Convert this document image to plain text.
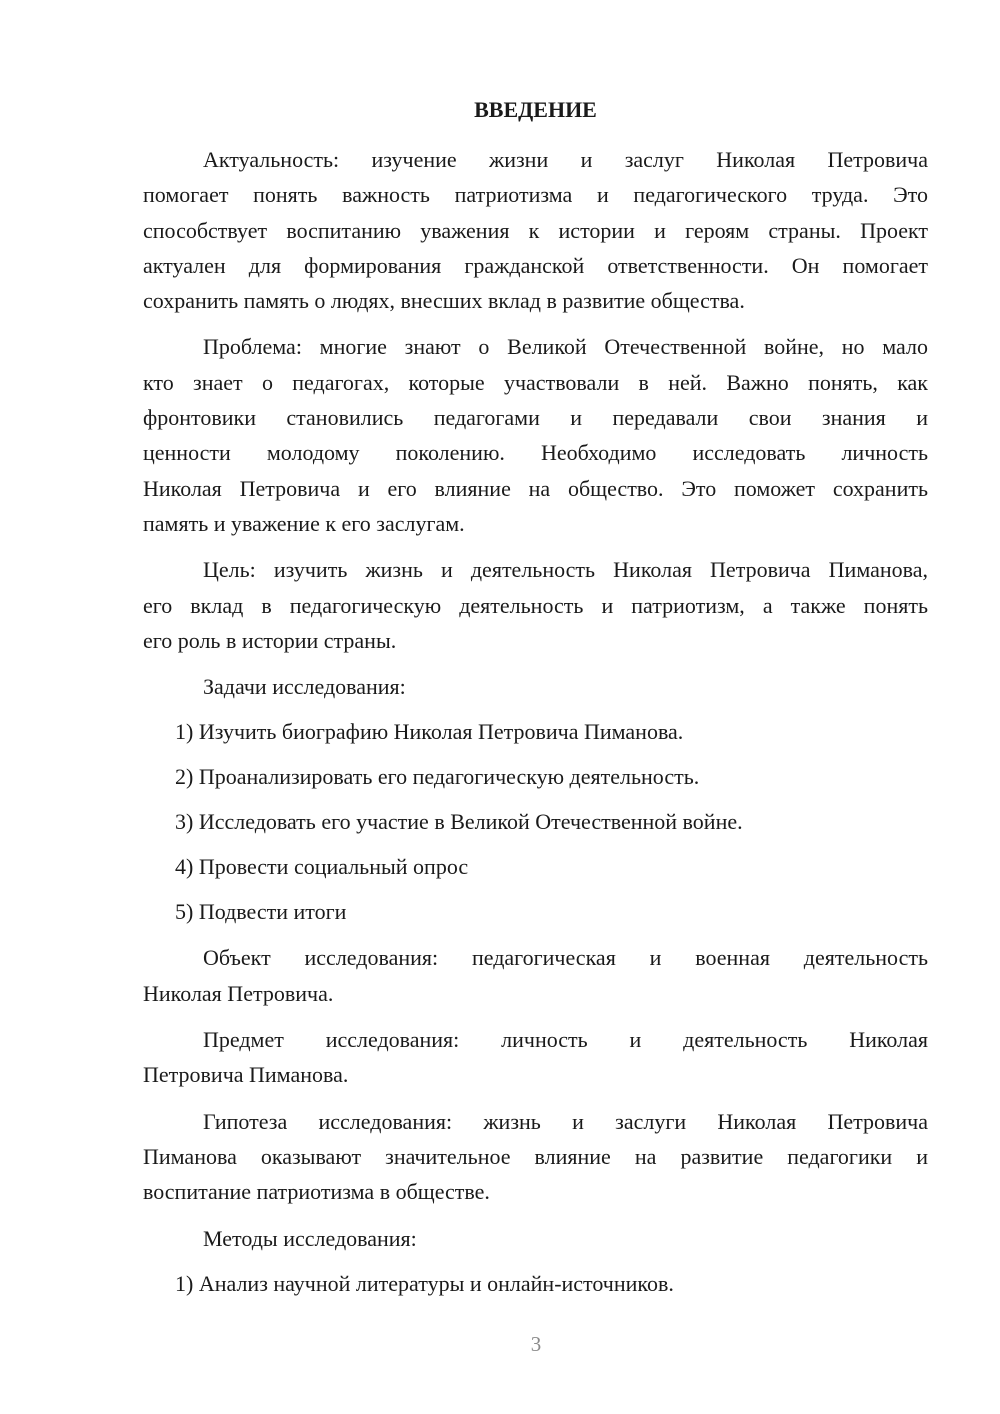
ВВЕДЕНИЕ
Актуальность: изучение жизни и заслуг Николая Петровича
помогает понять важность патриотизма и педагогического труда. Это
способствует воспитанию уважения к истории и героям страны. Проект
актуален для формирования гражданской ответственности. Он помогает
сохранить память о людях, внесших вклад в развитие общества.
Проблема: многие знают о Великой Отечественной войне, но мало
кто знает о педагогах, которые участвовали в ней. Важно понять, как
фронтовики становились педагогами и передавали свои знания и
ценности молодому поколению. Необходимо исследовать личность
Николая Петровича и его влияние на общество. Это поможет сохранить
память и уважение к его заслугам.
Цель: изучить жизнь и деятельность Николая Петровича Пиманова,
его вклад в педагогическую деятельность и патриотизм, а также понять
его роль в истории страны.
Задачи исследования:
1) Изучить биографию Николая Петровича Пиманова.
2) Проанализировать его педагогическую деятельность.
3) Исследовать его участие в Великой Отечественной войне.
4) Провести социальный опрос
5) Подвести итоги
Объект исследования: педагогическая и военная деятельность
Николая Петровича.
Предмет исследования: личность и деятельность Николая
Петровича Пиманова.
Гипотеза исследования: жизнь и заслуги Николая Петровича
Пиманова оказывают значительное влияние на развитие педагогики и
воспитание патриотизма в обществе.
Методы исследования:
1) Анализ научной литературы и онлайн-источников.
3
